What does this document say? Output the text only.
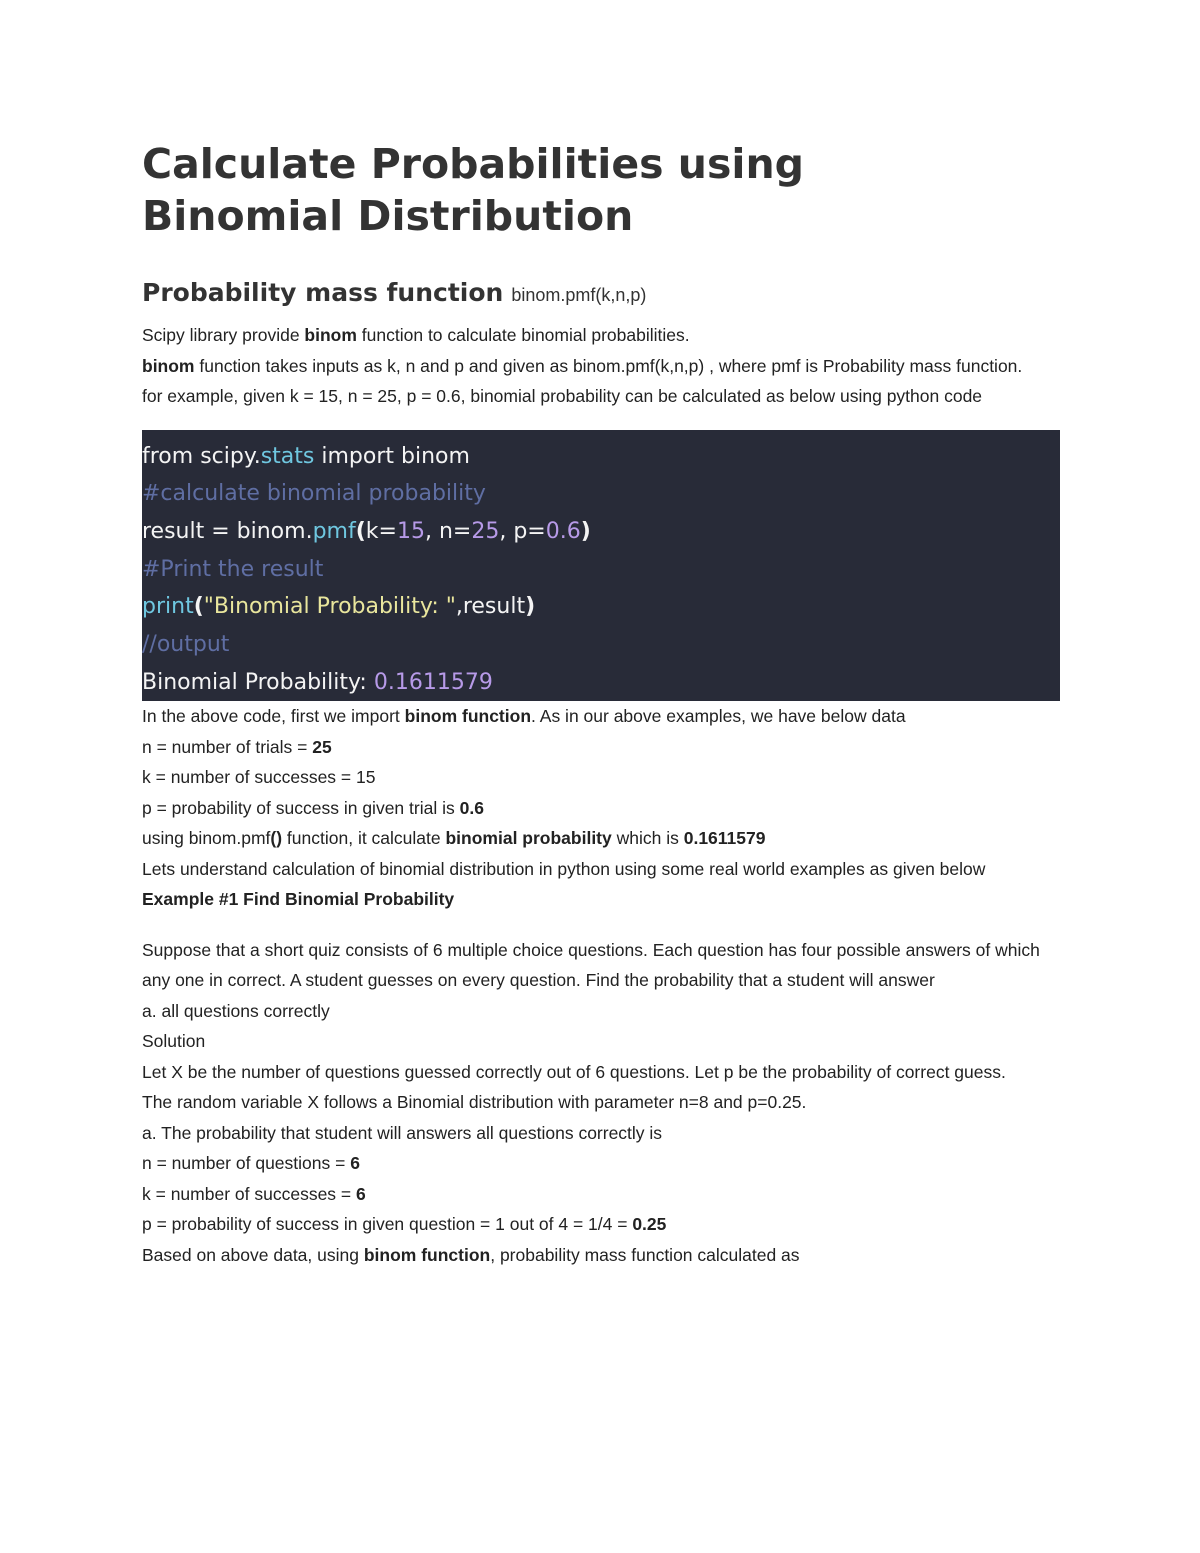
Calculate Probabilities using
Binomial Distribution
Probability mass function binom.pmf(k,n,p)

Scipy library provide binom function to calculate binomial probabilities.

binom function takes inputs as k, n and p and given as binom.pmf(k,n,p) , where pmf is Probability mass function.

for example, given k = 15, n = 25, p = 0.6, binomial probability can be calculated as below using python code

from scipy.stats import binom
#calculate binomial probability
result = binom.pmf(k=15, n=25, p=0.6)
#Print the result
print("Binomial Probability: ",result)
//output
Binomial Probability: 0.1611579

In the above code, first we import binom function. As in our above examples, we have below data

n = number of trials = 25

k = number of successes = 15

p = probability of success in given trial is 0.6

using binom.pmf() function, it calculate binomial probability which is 0.1611579

Lets understand calculation of binomial distribution in python using some real world examples as given below

Example #1 Find Binomial Probability

Suppose that a short quiz consists of 6 multiple choice questions. Each question has four possible answers of which any one in correct. A student guesses on every question. Find the probability that a student will answer

a. all questions correctly

Solution

Let X be the number of questions guessed correctly out of 6 questions. Let p be the probability of correct guess.

The random variable X follows a Binomial distribution with parameter n=8 and p=0.25.

a. The probability that student will answers all questions correctly is

n = number of questions = 6

k = number of successes = 6

p = probability of success in given question = 1 out of 4 = 1/4 = 0.25

Based on above data, using binom function, probability mass function calculated as
